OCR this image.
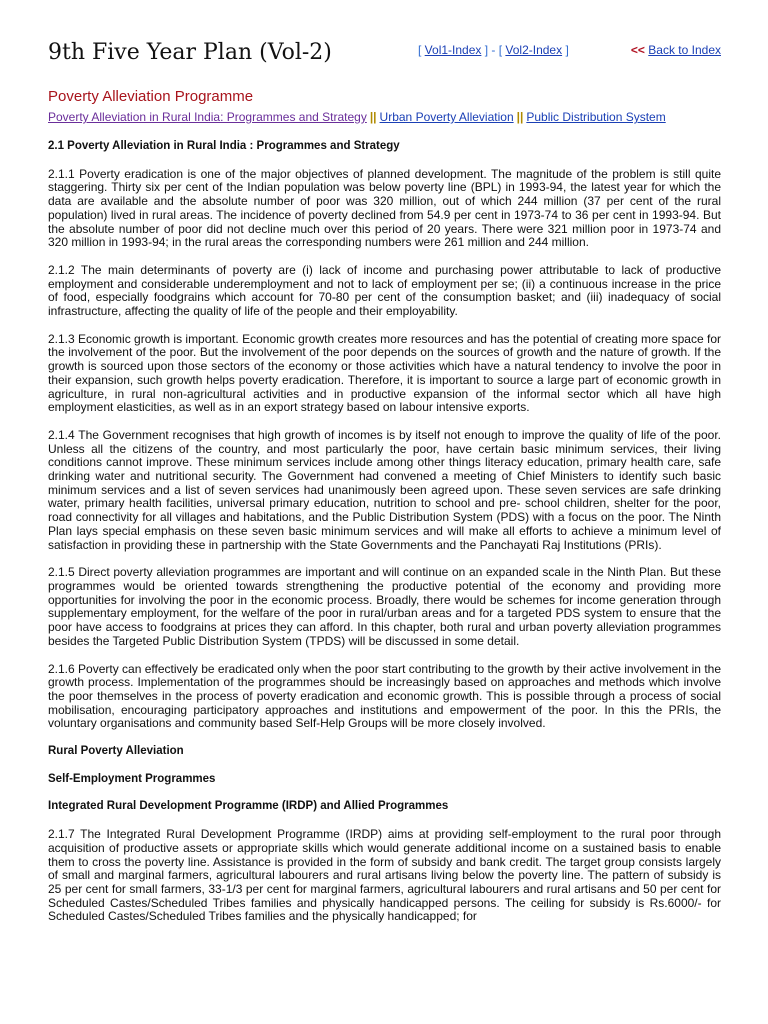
9th Five Year Plan (Vol-2)	[ Vol1-Index ] - [ Vol2-Index ]	<< Back to Index
Poverty Alleviation Programme
Poverty Alleviation in Rural India: Programmes and Strategy || Urban Poverty Alleviation || Public Distribution System
2.1 Poverty Alleviation in Rural India : Programmes and Strategy

2.1.1 Poverty eradication is one of the major objectives of planned development. The magnitude of the problem is still quite staggering. Thirty six per cent of the Indian population was below poverty line (BPL) in 1993-94, the latest year for which the data are available and the absolute number of poor was 320 million, out of which 244 million (37 per cent of the rural population) lived in rural areas. The incidence of poverty declined from 54.9 per cent in 1973-74 to 36 per cent in 1993-94. But the absolute number of poor did not decline much over this period of 20 years. There were 321 million poor in 1973-74 and 320 million in 1993-94; in the rural areas the corresponding numbers were 261 million and 244 million.

2.1.2 The main determinants of poverty are (i) lack of income and purchasing power attributable to lack of productive employment and considerable underemployment and not to lack of employment per se; (ii) a continuous increase in the price of food, especially foodgrains which account for 70-80 per cent of the consumption basket; and (iii) inadequacy of social infrastructure, affecting the quality of life of the people and their employability.

2.1.3 Economic growth is important. Economic growth creates more resources and has the potential of creating more space for the involvement of the poor. But the involvement of the poor depends on the sources of growth and the nature of growth. If the growth is sourced upon those sectors of the economy or those activities which have a natural tendency to involve the poor in their expansion, such growth helps poverty eradication. Therefore, it is important to source a large part of economic growth in agriculture, in rural non-agricultural activities and in productive expansion of the informal sector which all have high employment elasticities, as well as in an export strategy based on labour intensive exports.

2.1.4 The Government recognises that high growth of incomes is by itself not enough to improve the quality of life of the poor. Unless all the citizens of the country, and most particularly the poor, have certain basic minimum services, their living conditions cannot improve. These minimum services include among other things literacy education, primary health care, safe drinking water and nutritional security. The Government had convened a meeting of Chief Ministers to identify such basic minimum services and a list of seven services had unanimously been agreed upon. These seven services are safe drinking water, primary health facilities, universal primary education, nutrition to school and pre- school children, shelter for the poor, road connectivity for all villages and habitations, and the Public Distribution System (PDS) with a focus on the poor. The Ninth Plan lays special emphasis on these seven basic minimum services and will make all efforts to achieve a minimum level of satisfaction in providing these in partnership with the State Governments and the Panchayati Raj Institutions (PRIs).

2.1.5 Direct poverty alleviation programmes are important and will continue on an expanded scale in the Ninth Plan. But these programmes would be oriented towards strengthening the productive potential of the economy and providing more opportunities for involving the poor in the economic process. Broadly, there would be schemes for income generation through supplementary employment, for the welfare of the poor in rural/urban areas and for a targeted PDS system to ensure that the poor have access to foodgrains at prices they can afford. In this chapter, both rural and urban poverty alleviation programmes besides the Targeted Public Distribution System (TPDS) will be discussed in some detail.

2.1.6 Poverty can effectively be eradicated only when the poor start contributing to the growth by their active involvement in the growth process. Implementation of the programmes should be increasingly based on approaches and methods which involve the poor themselves in the process of poverty eradication and economic growth. This is possible through a process of social mobilisation, encouraging participatory approaches and institutions and empowerment of the poor. In this the PRIs, the voluntary organisations and community based Self-Help Groups will be more closely involved.

Rural Poverty Alleviation
Self-Employment Programmes
Integrated Rural Development Programme (IRDP) and Allied Programmes

2.1.7 The Integrated Rural Development Programme (IRDP) aims at providing self-employment to the rural poor through acquisition of productive assets or appropriate skills which would generate additional income on a sustained basis to enable them to cross the poverty line. Assistance is provided in the form of subsidy and bank credit. The target group consists largely of small and marginal farmers, agricultural labourers and rural artisans living below the poverty line. The pattern of subsidy is 25 per cent for small farmers, 33-1/3 per cent for marginal farmers, agricultural labourers and rural artisans and 50 per cent for Scheduled Castes/Scheduled Tribes families and physically handicapped persons. The ceiling for subsidy is Rs.6000/- for Scheduled Castes/Scheduled Tribes families and the physically handicapped; for
